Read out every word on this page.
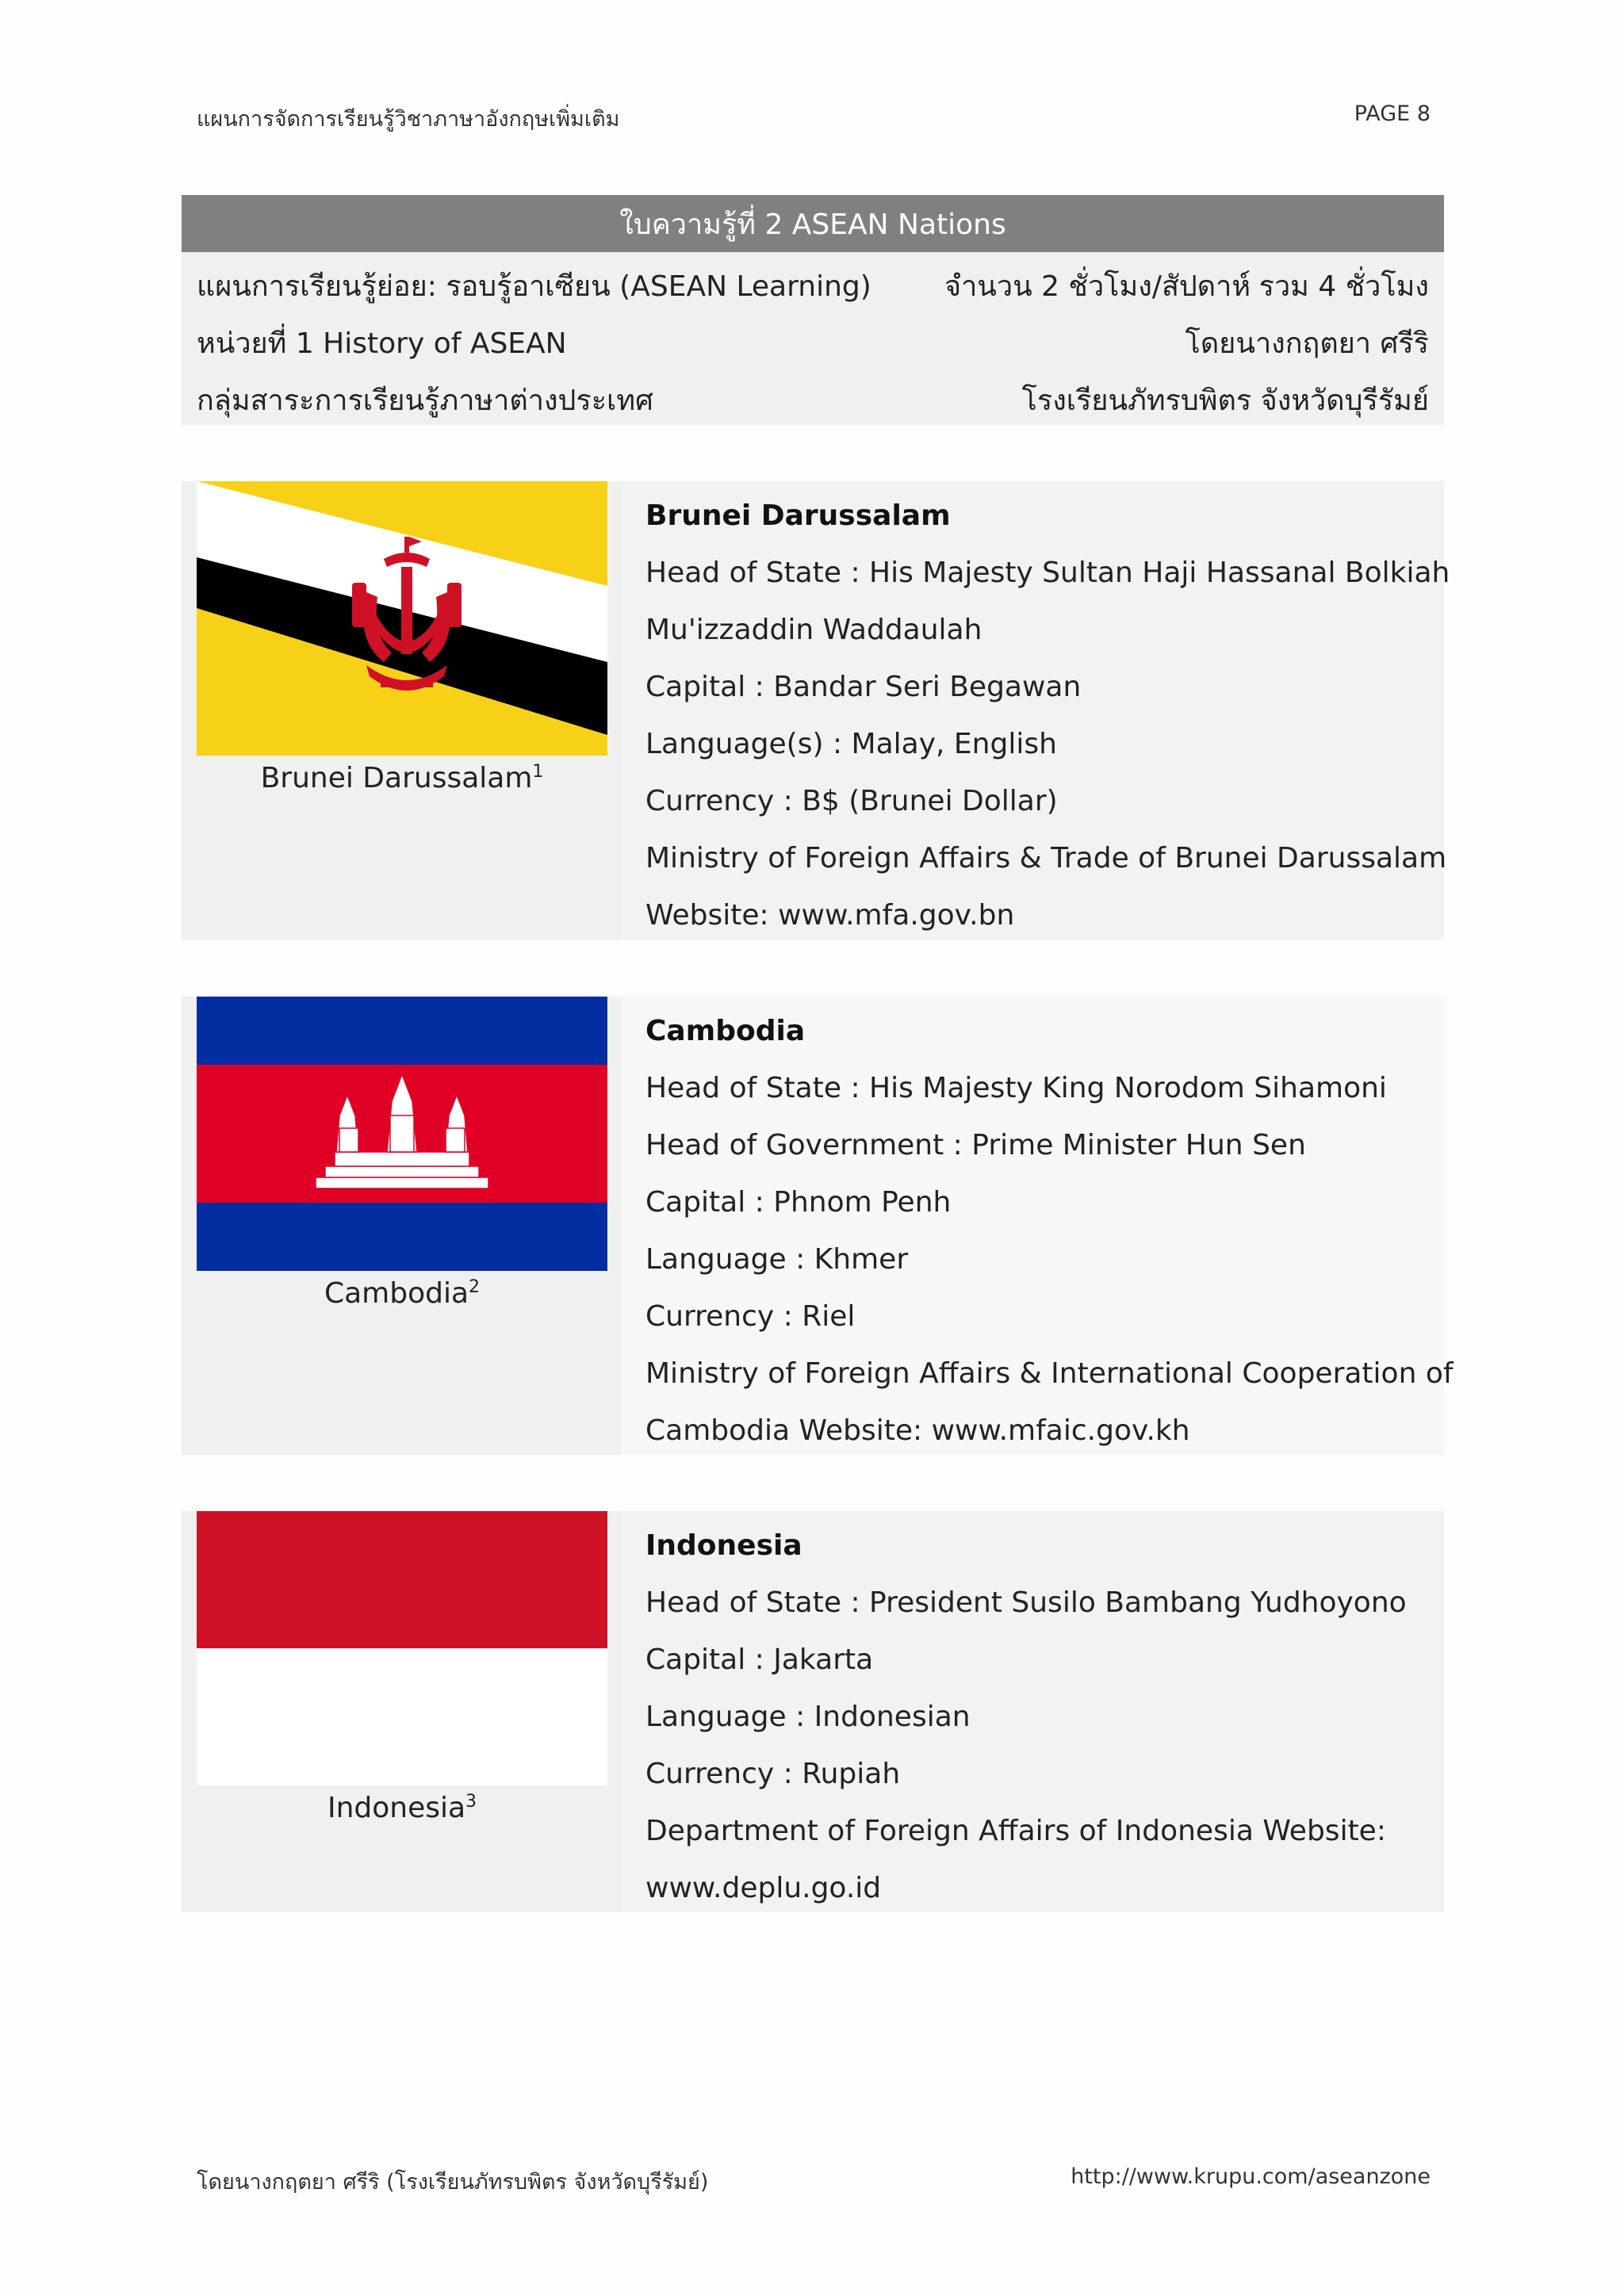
แผนการจัดการเรียนรู้วิชาภาษาอังกฤษเพิ่มเติม	PAGE 8
ใบความรู้ที่ 2 ASEAN Nations
แผนการเรียนรู้ย่อย: รอบรู้อาเซียน (ASEAN Learning)	จำนวน 2 ชั่วโมง/สัปดาห์ รวม 4 ชั่วโมง
หน่วยที่ 1 History of ASEAN	โดยนางกฤตยา ศรีริ
กลุ่มสาระการเรียนรู้ภาษาต่างประเทศ	โรงเรียนภัทรบพิตร จังหวัดบุรีรัมย์
Brunei Darussalam$^1$
Brunei Darussalam
Head of State : His Majesty Sultan Haji Hassanal Bolkiah
Mu'izzaddin Waddaulah
Capital : Bandar Seri Begawan
Language(s) : Malay, English
Currency : B$ (Brunei Dollar)
Ministry of Foreign Affairs & Trade of Brunei Darussalam
Website: www.mfa.gov.bn
Cambodia$^2$
Cambodia
Head of State : His Majesty King Norodom Sihamoni
Head of Government : Prime Minister Hun Sen
Capital : Phnom Penh
Language : Khmer
Currency : Riel
Ministry of Foreign Affairs & International Cooperation of
Cambodia Website: www.mfaic.gov.kh
Indonesia$^3$
Indonesia
Head of State : President Susilo Bambang Yudhoyono
Capital : Jakarta
Language : Indonesian
Currency : Rupiah
Department of Foreign Affairs of Indonesia Website:
www.deplu.go.id
โดยนางกฤตยา ศรีริ (โรงเรียนภัทรบพิตร จังหวัดบุรีรัมย์)	http://www.krupu.com/aseanzone
